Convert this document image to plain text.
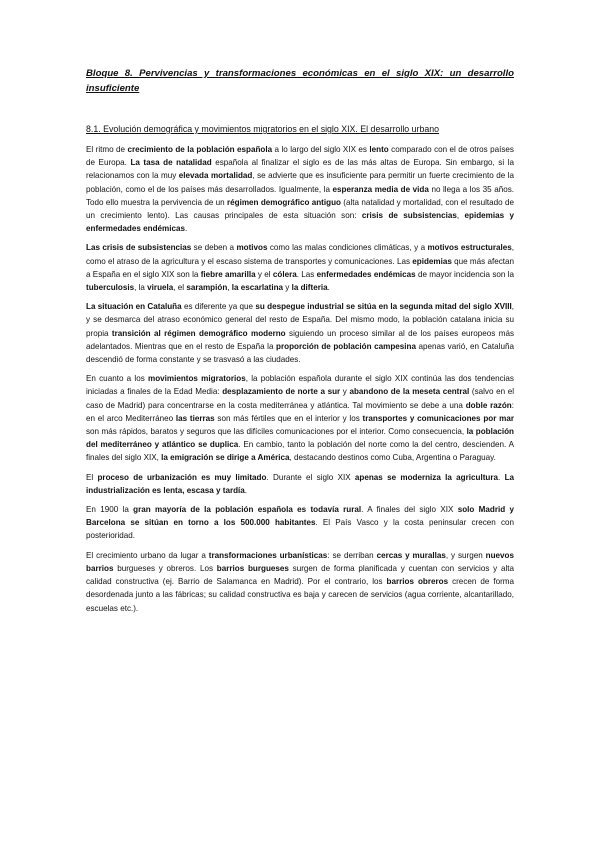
Bloque 8. Pervivencias y transformaciones económicas en el siglo XIX: un desarrollo insuficiente
8.1. Evolución demográfica y movimientos migratorios en el siglo XIX. El desarrollo urbano

El ritmo de crecimiento de la población española a lo largo del siglo XIX es lento comparado con el de otros países de Europa. La tasa de natalidad española al finalizar el siglo es de las más altas de Europa. Sin embargo, si la relacionamos con la muy elevada mortalidad, se advierte que es insuficiente para permitir un fuerte crecimiento de la población, como el de los países más desarrollados. Igualmente, la esperanza media de vida no llega a los 35 años. Todo ello muestra la pervivencia de un régimen demográfico antiguo (alta natalidad y mortalidad, con el resultado de un crecimiento lento). Las causas principales de esta situación son: crisis de subsistencias, epidemias y enfermedades endémicas.

Las crisis de subsistencias se deben a motivos como las malas condiciones climáticas, y a motivos estructurales, como el atraso de la agricultura y el escaso sistema de transportes y comunicaciones. Las epidemias que más afectan a España en el siglo XIX son la fiebre amarilla y el cólera. Las enfermedades endémicas de mayor incidencia son la tuberculosis, la viruela, el sarampión, la escarlatina y la difteria.

La situación en Cataluña es diferente ya que su despegue industrial se sitúa en la segunda mitad del siglo XVIII, y se desmarca del atraso económico general del resto de España. Del mismo modo, la población catalana inicia su propia transición al régimen demográfico moderno siguiendo un proceso similar al de los países europeos más adelantados. Mientras que en el resto de España la proporción de población campesina apenas varió, en Cataluña descendió de forma constante y se trasvasó a las ciudades.

En cuanto a los movimientos migratorios, la población española durante el siglo XIX continúa las dos tendencias iniciadas a finales de la Edad Media: desplazamiento de norte a sur y abandono de la meseta central (salvo en el caso de Madrid) para concentrarse en la costa mediterránea y atlántica. Tal movimiento se debe a una doble razón: en el arco Mediterráneo las tierras son más fértiles que en el interior y los transportes y comunicaciones por mar son más rápidos, baratos y seguros que las difíciles comunicaciones por el interior. Como consecuencia, la población del mediterráneo y atlántico se duplica. En cambio, tanto la población del norte como la del centro, descienden. A finales del siglo XIX, la emigración se dirige a América, destacando destinos como Cuba, Argentina o Paraguay.

El proceso de urbanización es muy limitado. Durante el siglo XIX apenas se moderniza la agricultura. La industrialización es lenta, escasa y tardía.

En 1900 la gran mayoría de la población española es todavía rural. A finales del siglo XIX solo Madrid y Barcelona se sitúan en torno a los 500.000 habitantes. El País Vasco y la costa peninsular crecen con posterioridad.

El crecimiento urbano da lugar a transformaciones urbanísticas: se derriban cercas y murallas, y surgen nuevos barrios burgueses y obreros. Los barrios burgueses surgen de forma planificada y cuentan con servicios y alta calidad constructiva (ej. Barrio de Salamanca en Madrid). Por el contrario, los barrios obreros crecen de forma desordenada junto a las fábricas; su calidad constructiva es baja y carecen de servicios (agua corriente, alcantarillado, escuelas etc.).
